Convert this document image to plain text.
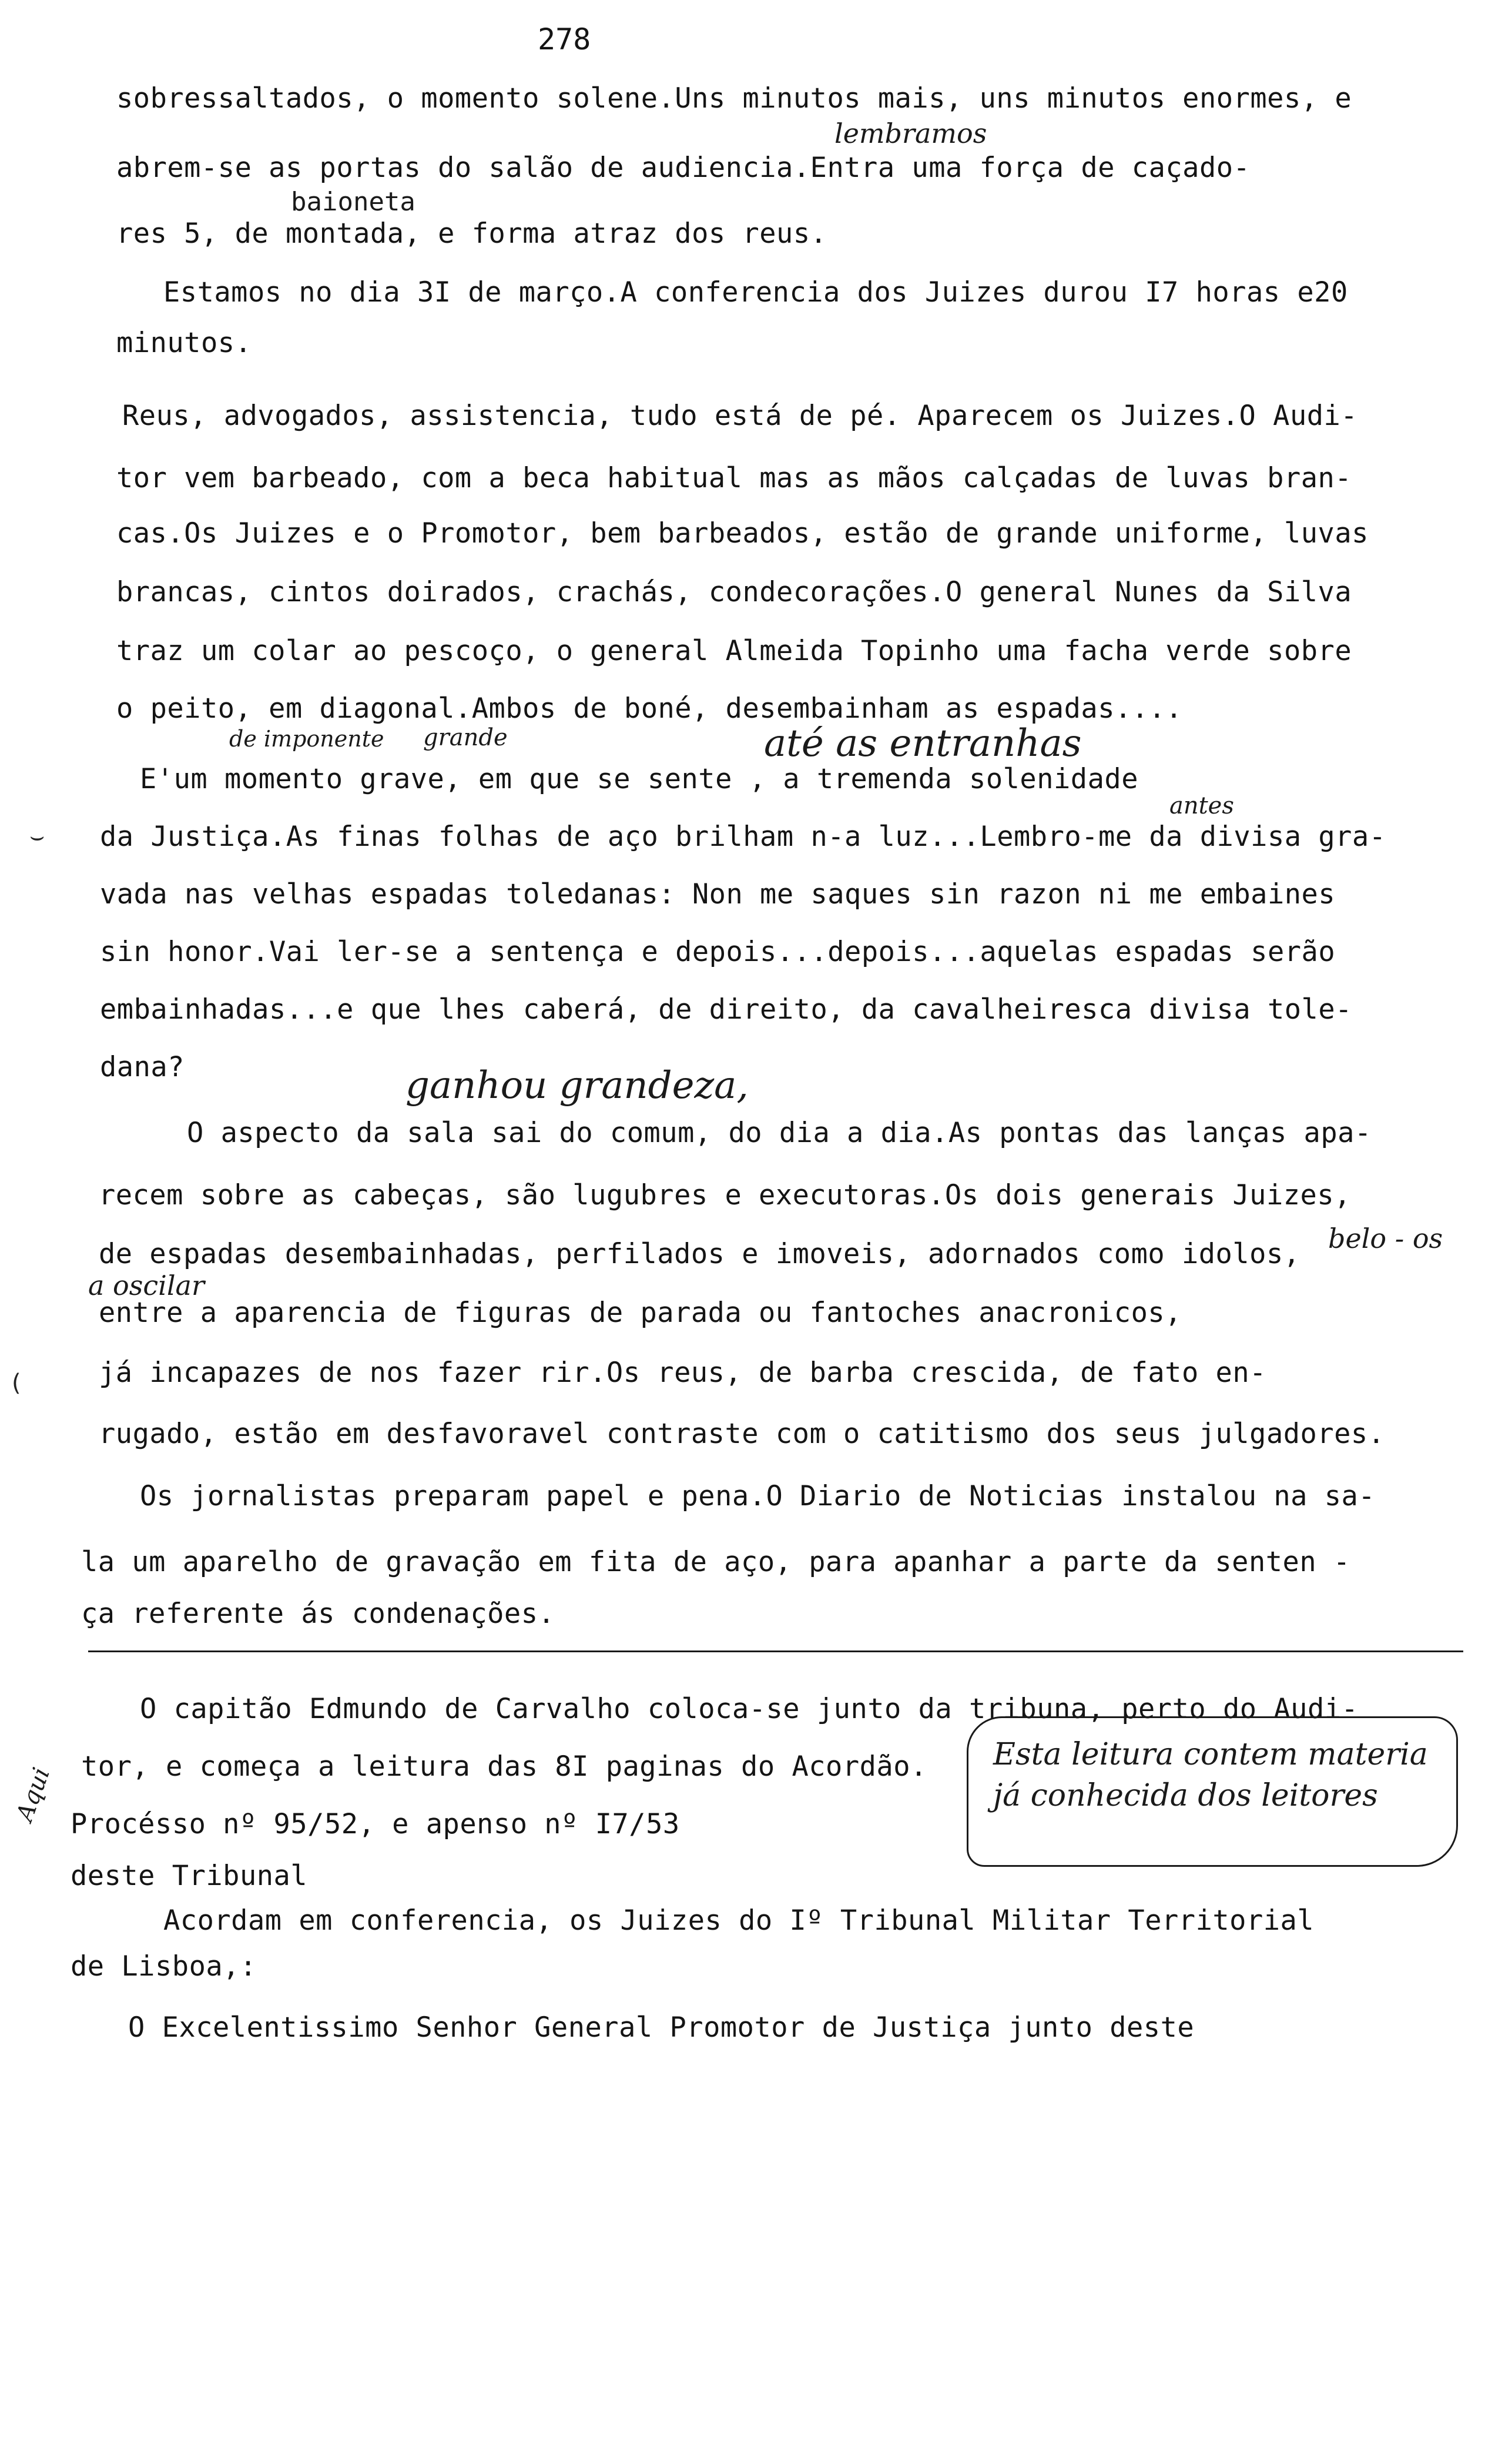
278
lembramos
baioneta
de imponente grande	até as entranhas
antes
ganhou grandeza,
belo - os
a oscilar
sobressaltados, o momento solene.Uns minutos mais, uns minutos enormes, e
abrem-se as portas do salão de audiencia.Entra uma força de caçado-
res 5, de montada, e forma atraz dos reus.
Estamos no dia 3I de março.A conferencia dos Juizes durou I7 horas e20
minutos.
Reus, advogados, assistencia, tudo está de pé. Aparecem os Juizes.O Audi-
tor vem barbeado, com a beca habitual mas as mãos calçadas de luvas bran-
cas.Os Juizes e o Promotor, bem barbeados, estão de grande uniforme, luvas
brancas, cintos doirados, crachás, condecorações.O general Nunes da Silva
traz um colar ao pescoço, o general Almeida Topinho uma facha verde sobre
o peito, em diagonal.Ambos de boné, desembainham as espadas....
E'um momento grave, em que se sente , a tremenda solenidade
da Justiça.As finas folhas de aço brilham n-a luz...Lembro-me da divisa gra-
vada nas velhas espadas toledanas: Non me saques sin razon ni me embaines
sin honor.Vai ler-se a sentença e depois...depois...aquelas espadas serão
embainhadas...e que lhes caberá, de direito, da cavalheiresca divisa tole-
dana?
O aspecto da sala sai do comum, do dia a dia.As pontas das lanças apa-
recem sobre as cabeças, são lugubres e executoras.Os dois generais Juizes,
de espadas desembainhadas, perfilados e imoveis, adornados como idolos,
entre a aparencia de figuras de parada ou fantoches anacronicos,
já incapazes de nos fazer rir.Os reus, de barba crescida, de fato en-
rugado, estão em desfavoravel contraste com o catitismo dos seus julgadores.
Os jornalistas preparam papel e pena.O Diario de Noticias instalou na sa-
la um aparelho de gravação em fita de aço, para apanhar a parte da senten -
ça referente ás condenações.
O capitão Edmundo de Carvalho coloca-se junto da tribuna, perto do Audi-
tor, e começa a leitura das 8I paginas do Acordão.
Procésso nº 95/52, e apenso nº I7/53
deste Tribunal
Acordam em conferencia, os Juizes do Iº Tribunal Militar Territorial
de Lisboa,:
O Excelentissimo Senhor General Promotor de Justiça junto deste
Esta leitura contem materia já conhecida dos leitores
Aqui
⌣
(
